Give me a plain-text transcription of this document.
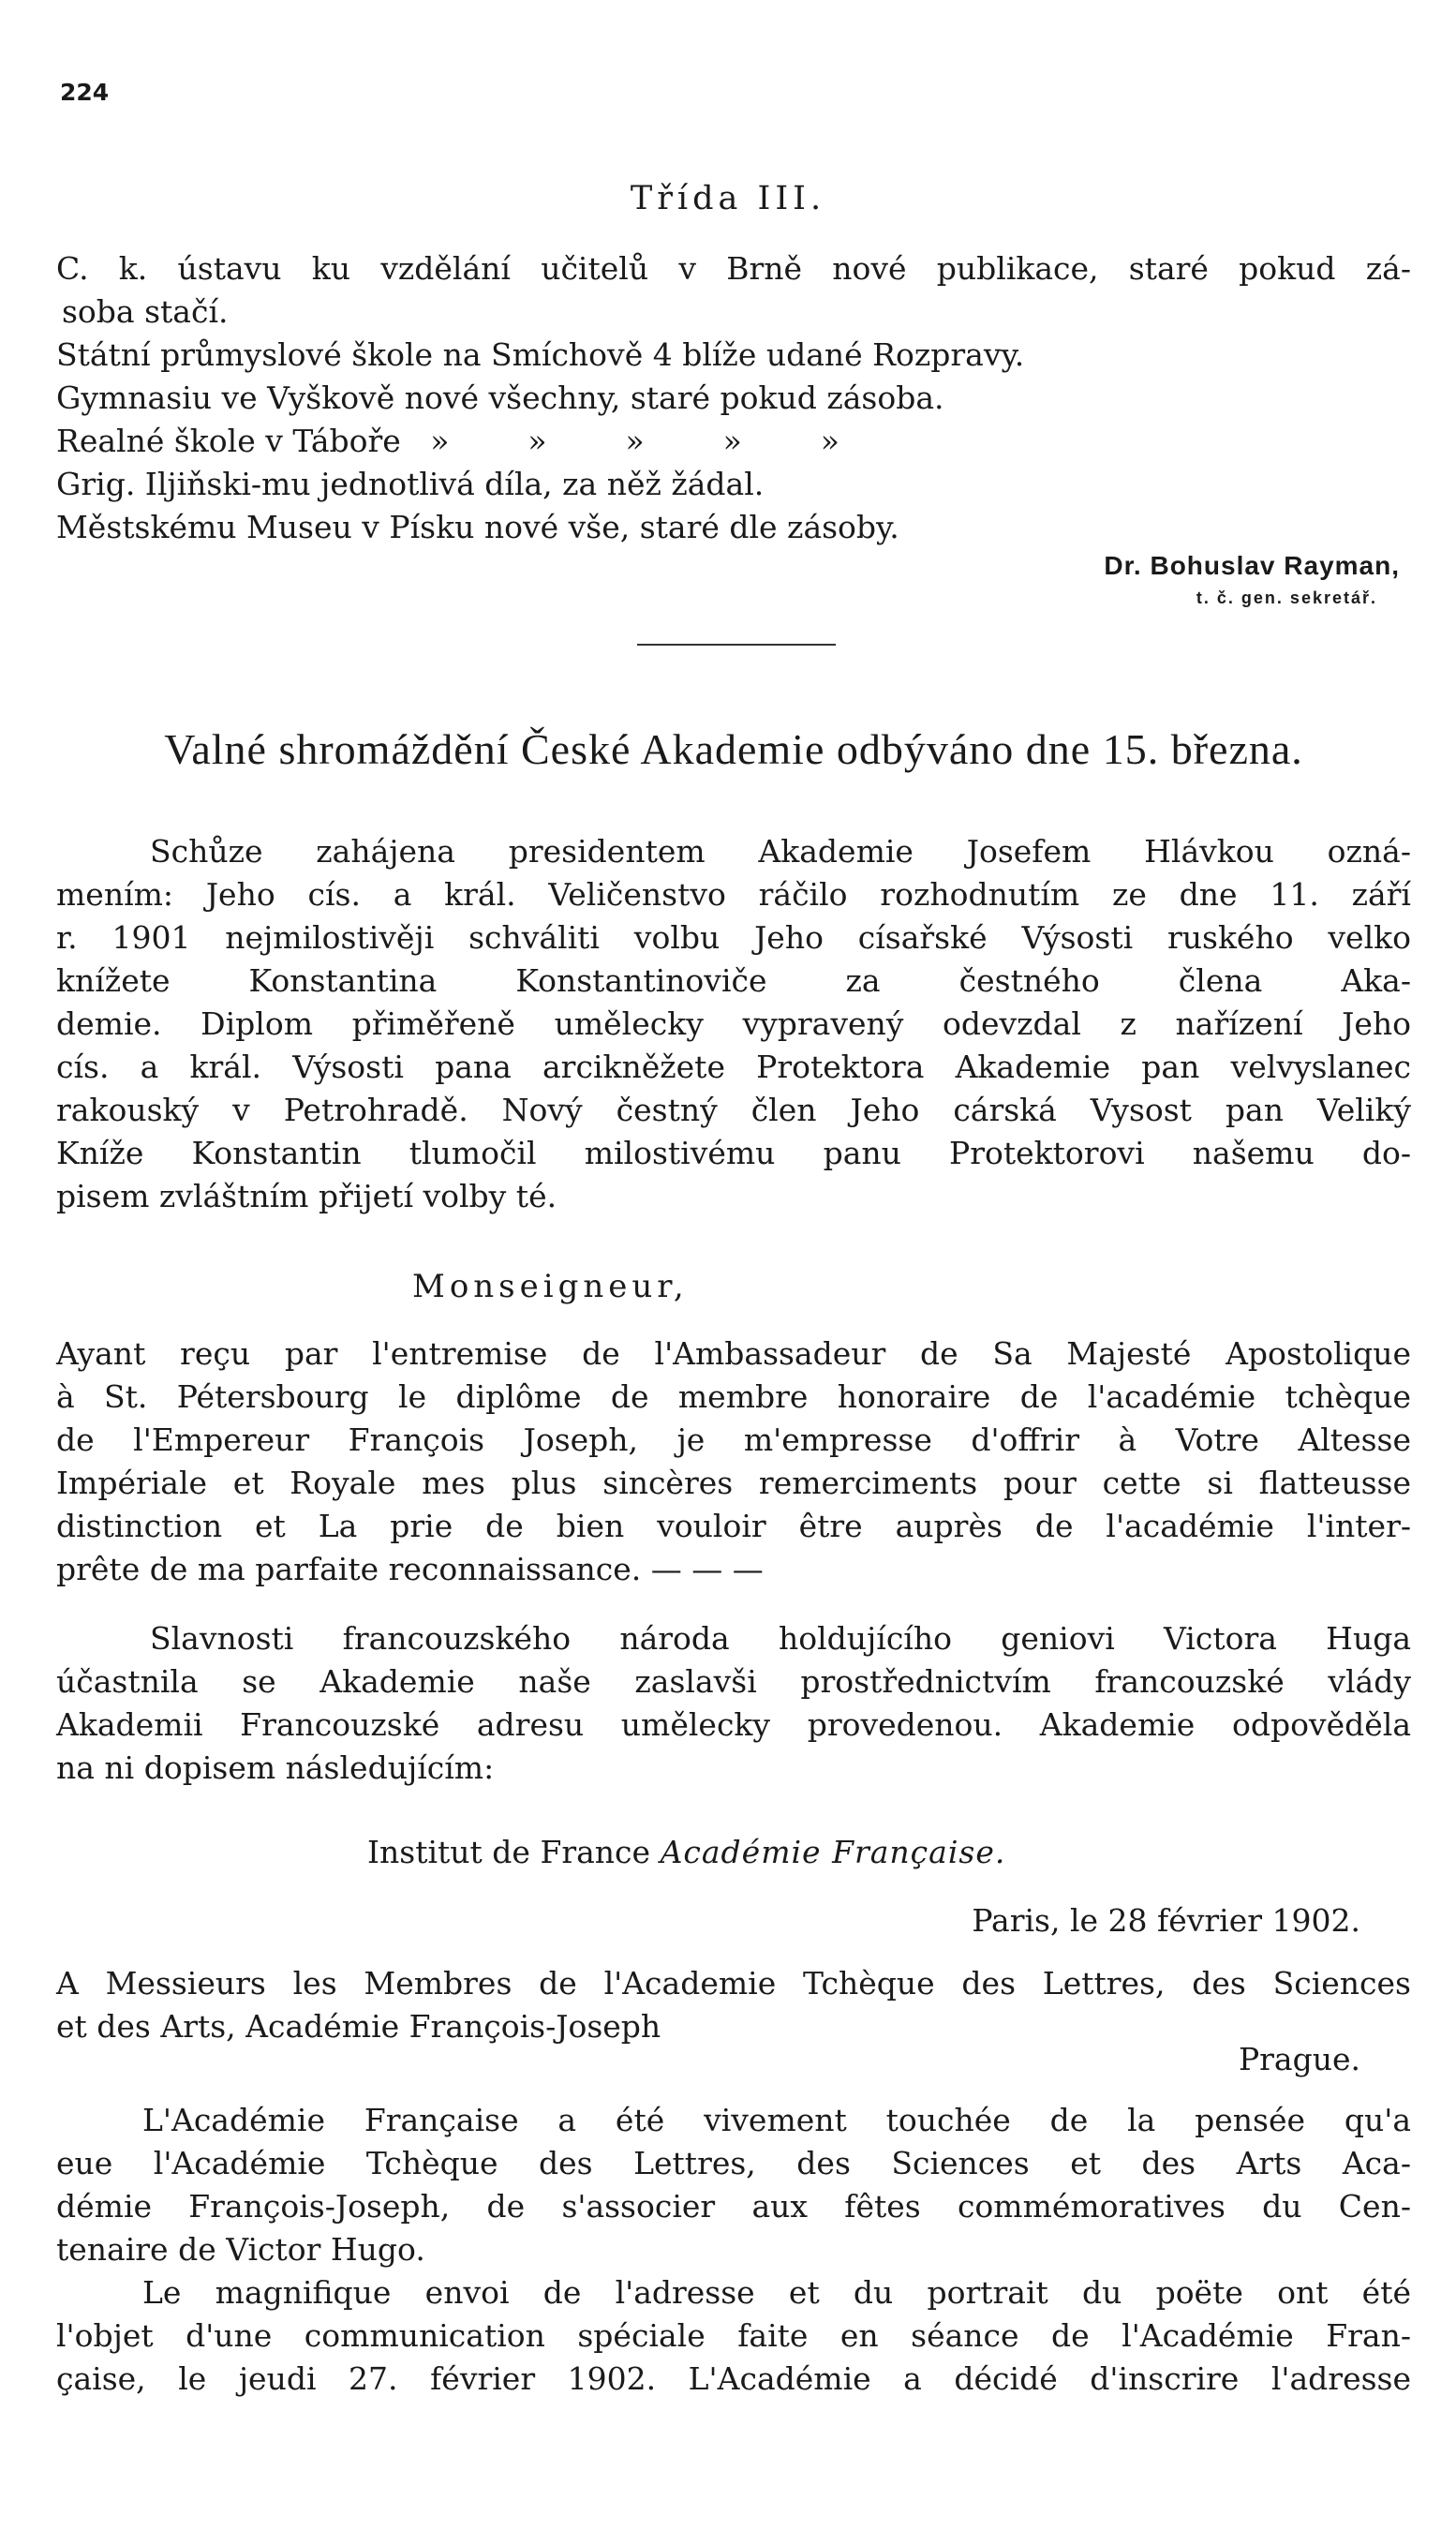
224
Třída III.
C. k. ústavu ku vzdělání učitelů v Brně nové publikace, staré pokud zá-
soba stačí.
Státní průmyslové škole na Smíchově 4 blíže udané Rozpravy.
Gymnasiu ve Vyškově nové všechny, staré pokud zásoba.
Realné škole v Táboře   »        »        »        »        »
Grig. Iljiňski-mu jednotlivá díla, za něž žádal.
Městskému Museu v Písku nové vše, staré dle zásoby.
Dr. Bohuslav Rayman,
t. č. gen. sekretář.
Valné shromáždění České Akademie odbýváno dne 15. března.
Schůze zahájena presidentem Akademie Josefem Hlávkou ozná-
mením: Jeho cís. a král. Veličenstvo ráčilo rozhodnutím ze dne 11. září
r. 1901 nejmilostivěji schváliti volbu Jeho císařské Výsosti ruského velko
knížete Konstantina Konstantinoviče za čestného člena Aka-
demie. Diplom přiměřeně umělecky vypravený odevzdal z nařízení Jeho
cís. a král. Výsosti pana arcikněžete Protektora Akademie pan velvyslanec
rakouský v Petrohradě. Nový čestný člen Jeho cárská Vysost pan Veliký
Kníže Konstantin tlumočil milostivému panu Protektorovi našemu do-
pisem zvláštním přijetí volby té.
Monseigneur,
Ayant reçu par l'entremise de l'Ambassadeur de Sa Majesté Apostolique
à St. Pétersbourg le diplôme de membre honoraire de l'académie tchèque
de l'Empereur François Joseph, je m'empresse d'offrir à Votre Altesse
Impériale et Royale mes plus sincères remerciments pour cette si flatteusse
distinction et La prie de bien vouloir être auprès de l'académie l'inter-
prête de ma parfaite reconnaissance. — — —
Slavnosti francouzského národa holdujícího geniovi Victora Huga
účastnila se Akademie naše zaslavši prostřednictvím francouzské vlády
Akademii Francouzské adresu umělecky provedenou. Akademie odpověděla
na ni dopisem následujícím:
Institut de France Académie Française.
Paris, le 28 février 1902.
A Messieurs les Membres de l'Academie Tchèque des Lettres, des Sciences
et des Arts, Académie François-Joseph
Prague.
L'Académie Française a été vivement touchée de la pensée qu'a
eue l'Académie Tchèque des Lettres, des Sciences et des Arts Aca-
démie François-Joseph, de s'associer aux fêtes commémoratives du Cen-
tenaire de Victor Hugo.
Le magnifique envoi de l'adresse et du portrait du poëte ont été
l'objet d'une communication spéciale faite en séance de l'Académie Fran-
çaise, le jeudi 27. février 1902. L'Académie a décidé d'inscrire l'adresse
